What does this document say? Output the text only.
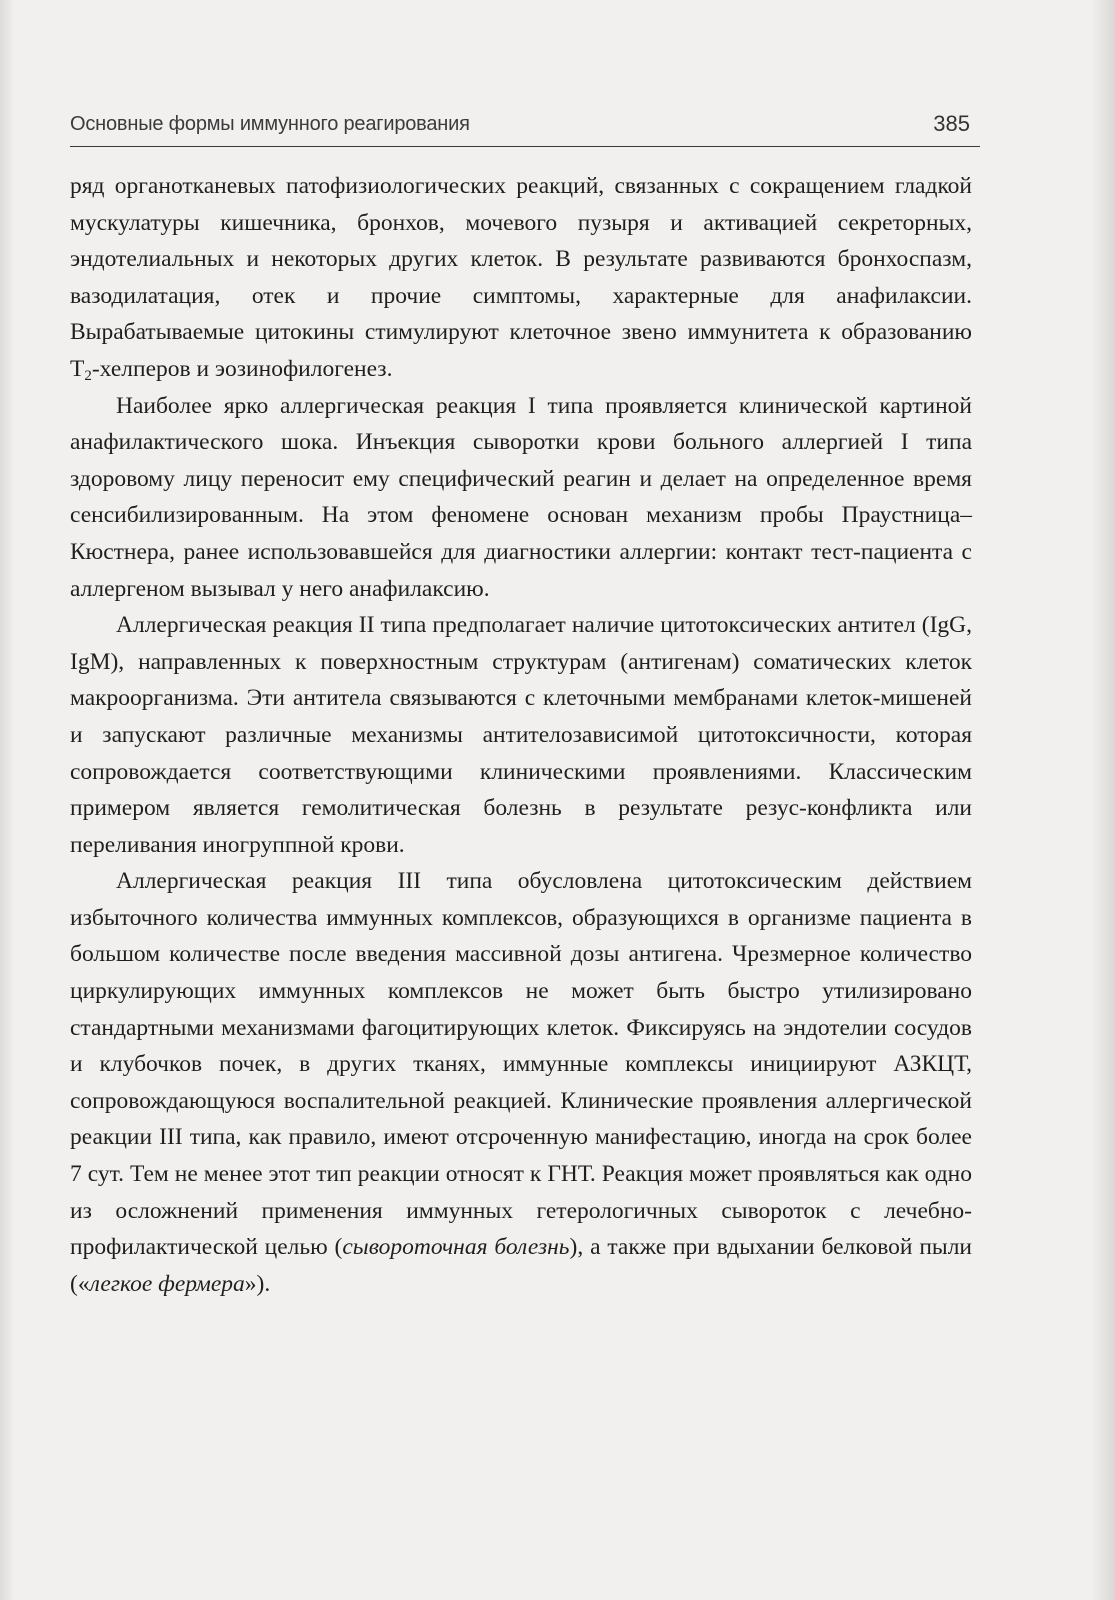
Основные формы иммунного реагирования	385

ряд органотканевых патофизиологических реакций, связанных с сокращением гладкой мускулатуры кишечника, бронхов, мочевого пузыря и активацией секреторных, эндотелиальных и некоторых других клеток. В результате развиваются бронхоспазм, вазодилатация, отек и прочие симптомы, характерные для анафилаксии. Вырабатываемые цитокины стимулируют клеточное звено иммунитета к образованию $Т_2$-хелперов и эозинофилогенез.

Наиболее ярко аллергическая реакция I типа проявляется клинической картиной анафилактического шока. Инъекция сыворотки крови больного аллергией I типа здоровому лицу переносит ему специфический реагин и делает на определенное время сенсибилизированным. На этом феномене основан механизм пробы Праустница–Кюстнера, ранее использовавшейся для диагностики аллергии: контакт тест-пациента с аллергеном вызывал у него анафилаксию.

Аллергическая реакция II типа предполагает наличие цитотоксических антител (IgG, IgM), направленных к поверхностным структурам (антигенам) соматических клеток макроорганизма. Эти антитела связываются с клеточными мембранами клеток-мишеней и запускают различные механизмы антителозависимой цитотоксичности, которая сопровождается соответствующими клиническими проявлениями. Классическим примером является гемолитическая болезнь в результате резус-конфликта или переливания иногруппной крови.

Аллергическая реакция III типа обусловлена цитотоксическим действием избыточного количества иммунных комплексов, образующихся в организме пациента в большом количестве после введения массивной дозы антигена. Чрезмерное количество циркулирующих иммунных комплексов не может быть быстро утилизировано стандартными механизмами фагоцитирующих клеток. Фиксируясь на эндотелии сосудов и клубочков почек, в других тканях, иммунные комплексы инициируют АЗКЦТ, сопровождающуюся воспалительной реакцией. Клинические проявления аллергической реакции III типа, как правило, имеют отсроченную манифестацию, иногда на срок более 7 сут. Тем не менее этот тип реакции относят к ГНТ. Реакция может проявляться как одно из осложнений применения иммунных гетерологичных сывороток с лечебно-профилактической целью (сывороточная болезнь), а также при вдыхании белковой пыли («легкое фермера»).
